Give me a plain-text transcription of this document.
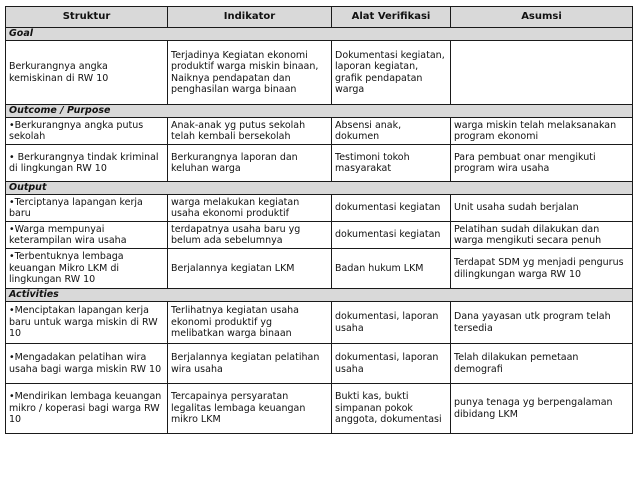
Struktur	Indikator	Alat Verifikasi	Asumsi
Goal			
Berkurangnya angka kemiskinan di RW 10	Terjadinya Kegiatan ekonomi produktif warga miskin binaan, Naiknya pendapatan dan penghasilan warga binaan	Dokumentasi kegiatan, laporan kegiatan, grafik pendapatan warga	
Outcome / Purpose			
•Berkurangnya angka putus sekolah	Anak-anak yg putus sekolah telah kembali bersekolah	Absensi anak, dokumen	warga miskin telah melaksanakan program ekonomi
• Berkurangnya tindak kriminal di lingkungan RW 10	Berkurangnya laporan dan keluhan warga	Testimoni tokoh masyarakat	Para pembuat onar mengikuti program wira usaha
Output			
•Terciptanya lapangan kerja baru	warga melakukan kegiatan usaha ekonomi produktif	dokumentasi kegiatan	Unit usaha sudah berjalan
•Warga mempunyai keterampilan wira usaha	terdapatnya usaha baru yg belum ada sebelumnya	dokumentasi kegiatan	Pelatihan sudah dilakukan dan warga mengikuti secara penuh
•Terbentuknya lembaga keuangan Mikro LKM di lingkungan RW 10	Berjalannya kegiatan LKM	Badan hukum LKM	Terdapat SDM yg menjadi pengurus dilingkungan warga RW 10
Activities			
•Menciptakan lapangan kerja baru untuk warga miskin di RW 10	Terlihatnya kegiatan usaha ekonomi produktif yg melibatkan warga binaan	dokumentasi, laporan usaha	Dana yayasan utk program telah tersedia
•Mengadakan pelatihan wira usaha bagi warga miskin RW 10	Berjalannya kegiatan pelatihan wira usaha	dokumentasi, laporan usaha	Telah dilakukan pemetaan demografi
•Mendirikan lembaga keuangan mikro / koperasi bagi warga RW 10	Tercapainya persyaratan legalitas lembaga keuangan mikro LKM	Bukti kas, bukti simpanan pokok anggota, dokumentasi	punya tenaga yg berpengalaman dibidang LKM
